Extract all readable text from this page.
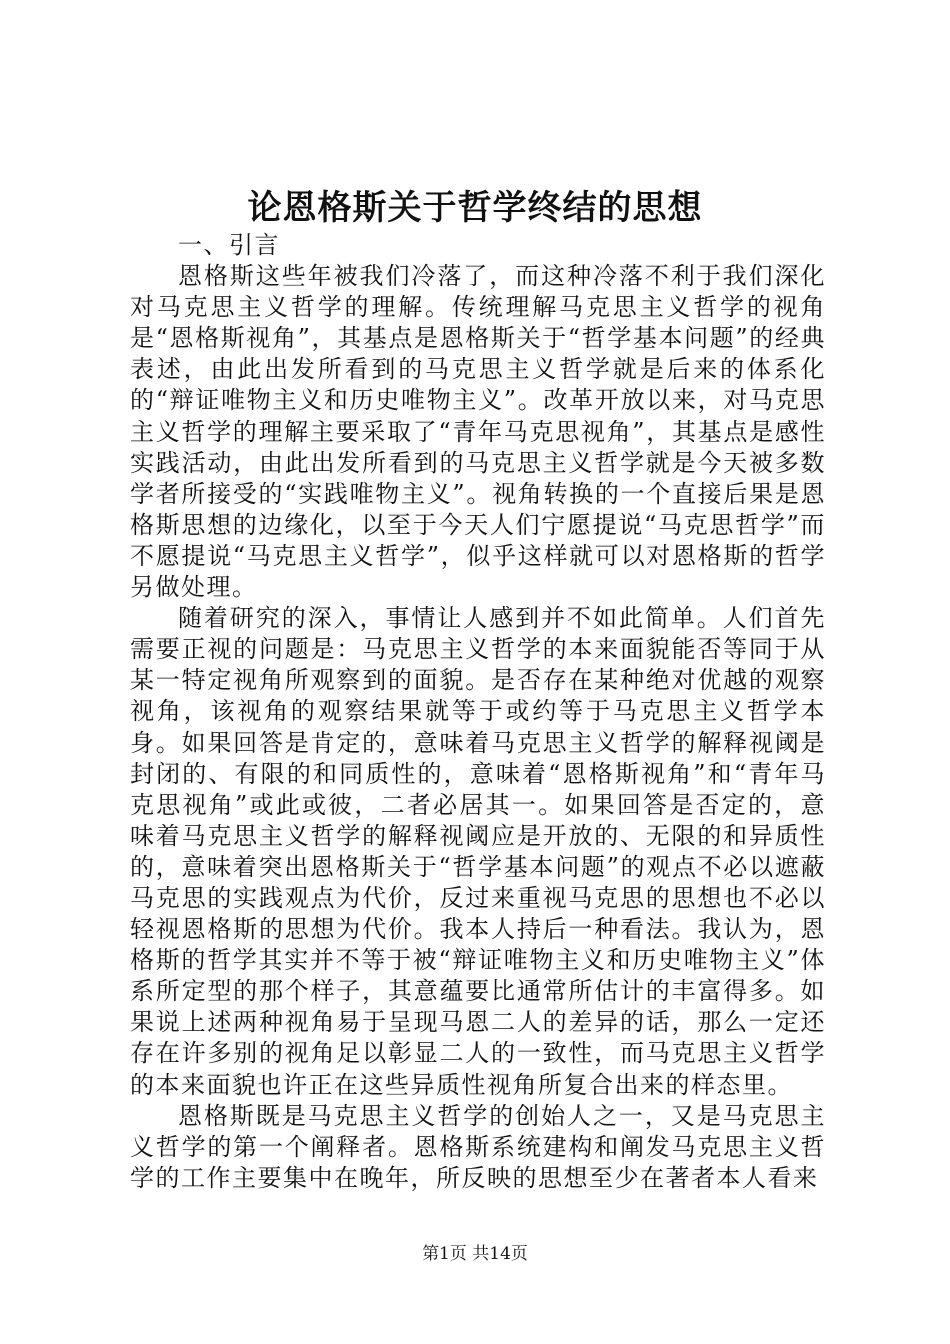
论恩格斯关于哲学终结的思想

一、引言

恩格斯这些年被我们冷落了，而这种冷落不利于我们深化对马克思主义哲学的理解。传统理解马克思主义哲学的视角是“恩格斯视角”，其基点是恩格斯关于“哲学基本问题”的经典表述，由此出发所看到的马克思主义哲学就是后来的体系化的“辩证唯物主义和历史唯物主义”。改革开放以来，对马克思主义哲学的理解主要采取了“青年马克思视角”，其基点是感性实践活动，由此出发所看到的马克思主义哲学就是今天被多数学者所接受的“实践唯物主义”。视角转换的一个直接后果是恩格斯思想的边缘化，以至于今天人们宁愿提说“马克思哲学”而不愿提说“马克思主义哲学”，似乎这样就可以对恩格斯的哲学另做处理。

随着研究的深入，事情让人感到并不如此简单。人们首先需要正视的问题是：马克思主义哲学的本来面貌能否等同于从某一特定视角所观察到的面貌。是否存在某种绝对优越的观察视角，该视角的观察结果就等于或约等于马克思主义哲学本身。如果回答是肯定的，意味着马克思主义哲学的解释视阈是封闭的、有限的和同质性的，意味着“恩格斯视角”和“青年马克思视角”或此或彼，二者必居其一。如果回答是否定的，意味着马克思主义哲学的解释视阈应是开放的、无限的和异质性的，意味着突出恩格斯关于“哲学基本问题”的观点不必以遮蔽马克思的实践观点为代价，反过来重视马克思的思想也不必以轻视恩格斯的思想为代价。我本人持后一种看法。我认为，恩格斯的哲学其实并不等于被“辩证唯物主义和历史唯物主义”体系所定型的那个样子，其意蕴要比通常所估计的丰富得多。如果说上述两种视角易于呈现马恩二人的差异的话，那么一定还存在许多别的视角足以彰显二人的一致性，而马克思主义哲学的本来面貌也许正在这些异质性视角所复合出来的样态里。

恩格斯既是马克思主义哲学的创始人之一，又是马克思主义哲学的第一个阐释者。恩格斯系统建构和阐发马克思主义哲学的工作主要集中在晚年，所反映的思想至少在著者本人看来

第1页 共14页
